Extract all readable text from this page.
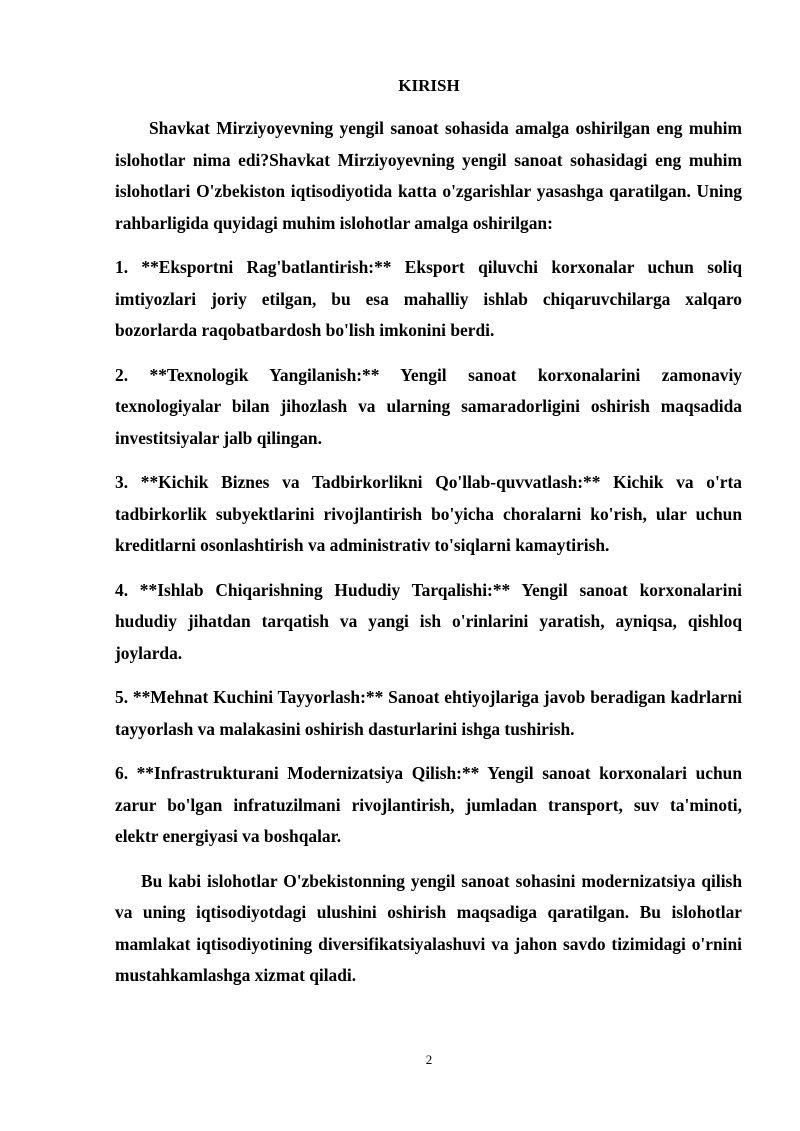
KIRISH

Shavkat Mirziyoyevning yengil sanoat sohasida amalga oshirilgan eng muhim islohotlar nima edi?Shavkat Mirziyoyevning yengil sanoat sohasidagi eng muhim islohotlari O'zbekiston iqtisodiyotida katta o'zgarishlar yasashga qaratilgan. Uning rahbarligida quyidagi muhim islohotlar amalga oshirilgan:

1. **Eksportni Rag'batlantirish:** Eksport qiluvchi korxonalar uchun soliq imtiyozlari joriy etilgan, bu esa mahalliy ishlab chiqaruvchilarga xalqaro bozorlarda raqobatbardosh bo'lish imkonini berdi.

2. **Texnologik Yangilanish:** Yengil sanoat korxonalarini zamonaviy texnologiyalar bilan jihozlash va ularning samaradorligini oshirish maqsadida investitsiyalar jalb qilingan.

3. **Kichik Biznes va Tadbirkorlikni Qo'llab-quvvatlash:** Kichik va o'rta tadbirkorlik subyektlarini rivojlantirish bo'yicha choralarni ko'rish, ular uchun kreditlarni osonlashtirish va administrativ to'siqlarni kamaytirish.

4. **Ishlab Chiqarishning Hududiy Tarqalishi:** Yengil sanoat korxonalarini hududiy jihatdan tarqatish va yangi ish o'rinlarini yaratish, ayniqsa, qishloq joylarda.

5. **Mehnat Kuchini Tayyorlash:** Sanoat ehtiyojlariga javob beradigan kadrlarni tayyorlash va malakasini oshirish dasturlarini ishga tushirish.

6. **Infrastrukturani Modernizatsiya Qilish:** Yengil sanoat korxonalari uchun zarur bo'lgan infratuzilmani rivojlantirish, jumladan transport, suv ta'minoti, elektr energiyasi va boshqalar.

Bu kabi islohotlar O'zbekistonning yengil sanoat sohasini modernizatsiya qilish va uning iqtisodiyotdagi ulushini oshirish maqsadiga qaratilgan. Bu islohotlar mamlakat iqtisodiyotining diversifikatsiyalashuvi va jahon savdo tizimidagi o'rnini mustahkamlashga xizmat qiladi.

2
